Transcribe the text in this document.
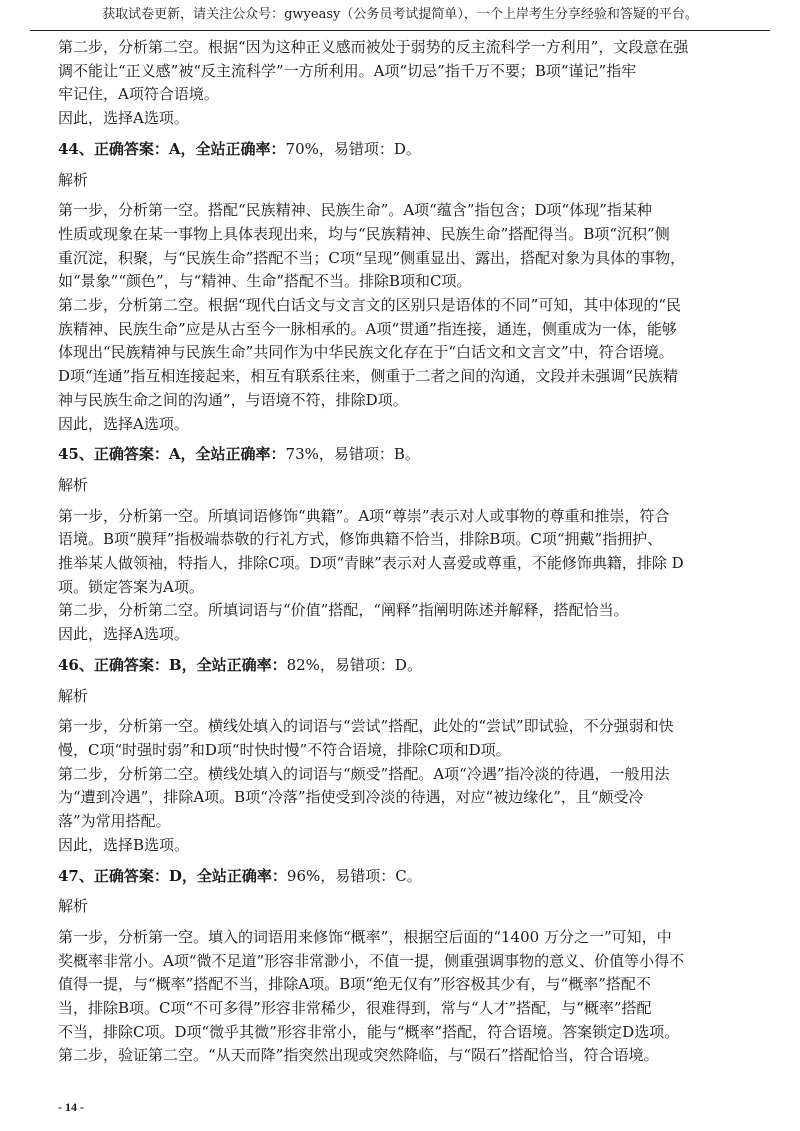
获取试卷更新，请关注公众号：gwyeasy（公务员考试提简单），一个上岸考生分享经验和答疑的平台。

第二步，分析第二空。根据“因为这种正义感而被处于弱势的反主流科学一方利用”，文段意在强

调不能让“正义感”被“反主流科学”一方所利用。A项“切忌”指千万不要；B项“谨记”指牢

牢记住，A项符合语境。

因此，选择A选项。

44、正确答案：A，全站正确率：70%，易错项：D。

解析

第一步，分析第一空。搭配“民族精神、民族生命”。A项“蕴含”指包含；D项“体现”指某种

性质或现象在某一事物上具体表现出来，均与“民族精神、民族生命”搭配得当。B项“沉积”侧

重沉淀，积聚，与“民族生命”搭配不当；C项“呈现”侧重显出、露出，搭配对象为具体的事物，

如“景象”“颜色”，与“精神、生命”搭配不当。排除B项和C项。

第二步，分析第二空。根据“现代白话文与文言文的区别只是语体的不同”可知，其中体现的“民

族精神、民族生命”应是从古至今一脉相承的。A项“贯通”指连接，通连，侧重成为一体，能够

体现出“民族精神与民族生命”共同作为中华民族文化存在于“白话文和文言文”中，符合语境。

D项“连通”指互相连接起来，相互有联系往来，侧重于二者之间的沟通，文段并未强调“民族精

神与民族生命之间的沟通”，与语境不符，排除D项。

因此，选择A选项。

45、正确答案：A，全站正确率：73%，易错项：B。

解析

第一步，分析第一空。所填词语修饰“典籍”。A项“尊崇”表示对人或事物的尊重和推崇，符合

语境。B项“膜拜”指极端恭敬的行礼方式，修饰典籍不恰当，排除B项。C项“拥戴”指拥护、

推举某人做领袖，特指人，排除C项。D项“青睐”表示对人喜爱或尊重，不能修饰典籍，排除 D

项。锁定答案为A项。

第二步，分析第二空。所填词语与“价值”搭配，“阐释”指阐明陈述并解释，搭配恰当。

因此，选择A选项。

46、正确答案：B，全站正确率：82%，易错项：D。

解析

第一步，分析第一空。横线处填入的词语与“尝试”搭配，此处的“尝试”即试验，不分强弱和快

慢，C项“时强时弱”和D项“时快时慢”不符合语境，排除C项和D项。

第二步，分析第二空。横线处填入的词语与“颇受”搭配。A项“冷遇”指冷淡的待遇，一般用法

为“遭到冷遇”，排除A项。B项“冷落”指使受到冷淡的待遇，对应“被边缘化”，且“颇受冷

落”为常用搭配。

因此，选择B选项。

47、正确答案：D，全站正确率：96%，易错项：C。

解析

第一步，分析第一空。填入的词语用来修饰“概率”，根据空后面的“1400 万分之一”可知，中

奖概率非常小。A项“微不足道”形容非常渺小，不值一提，侧重强调事物的意义、价值等小得不

值得一提，与“概率”搭配不当，排除A项。B项“绝无仅有”形容极其少有，与“概率”搭配不

当，排除B项。C项“不可多得”形容非常稀少，很难得到，常与“人才”搭配，与“概率”搭配

不当，排除C项。D项“微乎其微”形容非常小，能与“概率”搭配，符合语境。答案锁定D选项。

第二步，验证第二空。“从天而降”指突然出现或突然降临，与“陨石”搭配恰当，符合语境。

- 14 -
